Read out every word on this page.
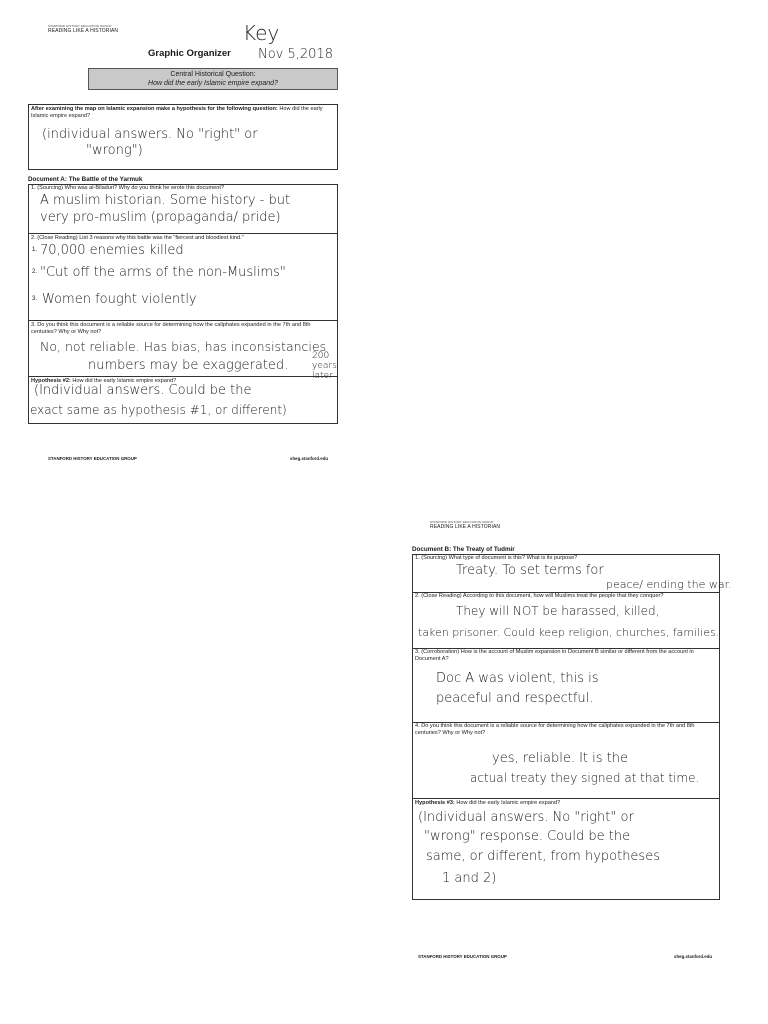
STANFORD HISTORY EDUCATION GROUP
READING LIKE A HISTORIAN
Graphic Organizer
Key
Nov 5,2018
Central Historical Question:
How did the early Islamic empire expand?
After examining the map on Islamic expansion make a hypothesis for the following question: How did the early Islamic empire expand?
(individual answers. No "right" or
"wrong")
Document A: The Battle of the Yarmuk
1. (Sourcing) Who was al-Biladuri? Why do you think he wrote this document?
A muslim historian. Some history - but
very pro-muslim (propaganda/ pride)
2. (Close Reading) List 3 reasons why this battle was the "fiercest and bloodiest kind."
1. 70,000 enemies killed
2. "Cut off the arms of the non-Muslims"
3. Women fought violently
3. Do you think this document is a reliable source for determining how the caliphates expanded in the 7th and 8th centuries? Why or Why not?
No, not reliable. Has bias, has inconsistancies
numbers may be exaggerated.
200 years later
Hypothesis #2: How did the early Islamic empire expand?
(Individual answers. Could be the
exact same as hypothesis #1, or different)
STANFORD HISTORY EDUCATION GROUP	sheg.stanford.edu
STANFORD HISTORY EDUCATION GROUP
READING LIKE A HISTORIAN
Document B: The Treaty of Tudmir
1. (Sourcing) What type of document is this? What is its purpose?
Treaty. To set terms for
peace/ ending the war.
2. (Close Reading) According to this document, how will Muslims treat the people that they conquer?
They will NOT be harassed, killed,
taken prisoner. Could keep religion, churches, families.
3. (Corroboration) How is the account of Muslim expansion in Document B similar or different from the account in Document A?
Doc A was violent, this is
peaceful and respectful.
4. Do you think this document is a reliable source for determining how the caliphates expanded in the 7th and 8th centuries? Why or Why not?
yes, reliable. It is the
actual treaty they signed at that time.
Hypothesis #3: How did the early Islamic empire expand?
(Individual answers. No "right" or
"wrong" response. Could be the
same, or different, from hypotheses
1 and 2)
STANFORD HISTORY EDUCATION GROUP	sheg.stanford.edu
